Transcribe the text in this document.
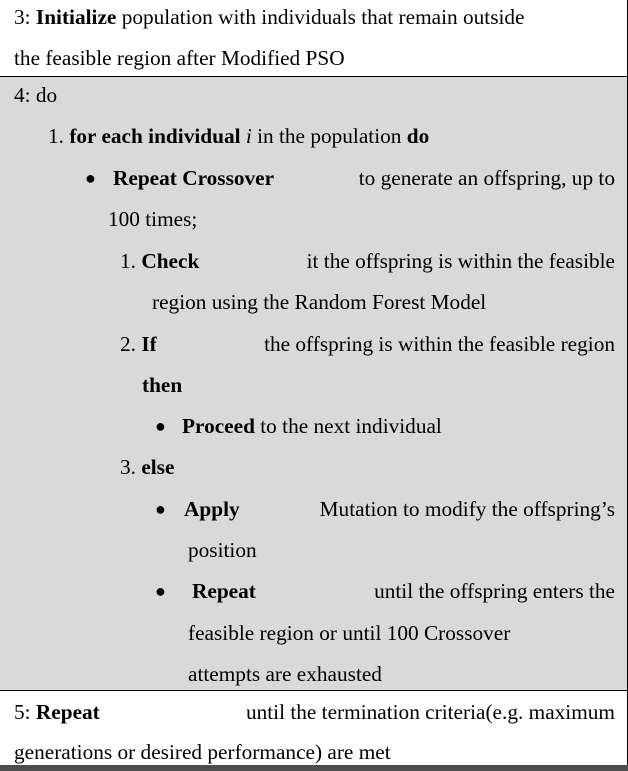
3: Initialize population with individuals that remain outside
the feasible region after Modified PSO
4: do
1. for each individual i in the population do
● Repeat Crossover	to generate an offspring, up to
100 times;
1. Check	it the offspring is within the feasible
region using the Random Forest Model
2. If	the offspring is within the feasible region
then
● Proceed to the next individual
3. else
● Apply	Mutation to modify the offspring’s
position
● Repeat	until the offspring enters the
feasible region or until 100 Crossover
attempts are exhausted
5: Repeat	until the termination criteria(e.g. maximum
generations or desired performance) are met
